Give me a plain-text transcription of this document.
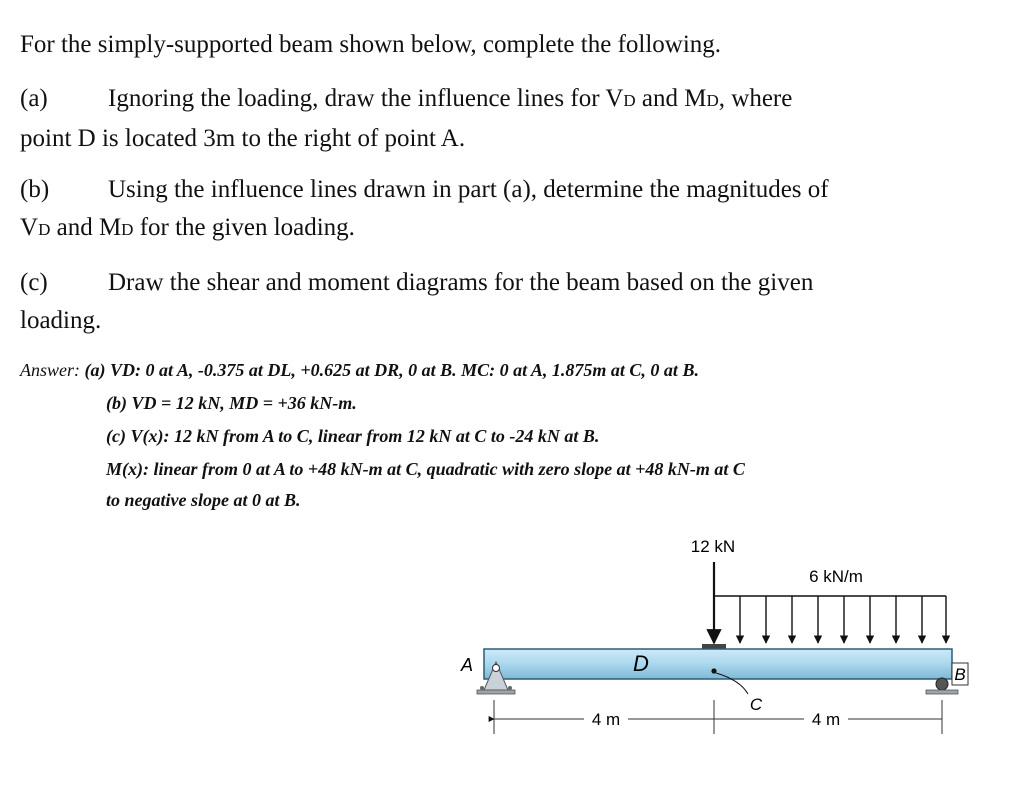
For the simply-supported beam shown below, complete the following.

(a) Ignoring the loading, draw the influence lines for VD and MD, where
point D is located 3m to the right of point A.

(b) Using the influence lines drawn in part (a), determine the magnitudes of
VD and MD for the given loading.

(c) Draw the shear and moment diagrams for the beam based on the given
loading.

Answer: (a) VD: 0 at A, -0.375 at DL, +0.625 at DR, 0 at B. MC: 0 at A, 1.875m at C, 0 at B.

(b) VD = 12 kN, MD = +36 kN-m.

(c) V(x): 12 kN from A to C, linear from 12 kN at C to -24 kN at B.

M(x): linear from 0 at A to +48 kN-m at C, quadratic with zero slope at +48 kN-m at C

to negative slope at 0 at B.

12 kN
6 kN/m
C
D
A	B
4 m	4 m
